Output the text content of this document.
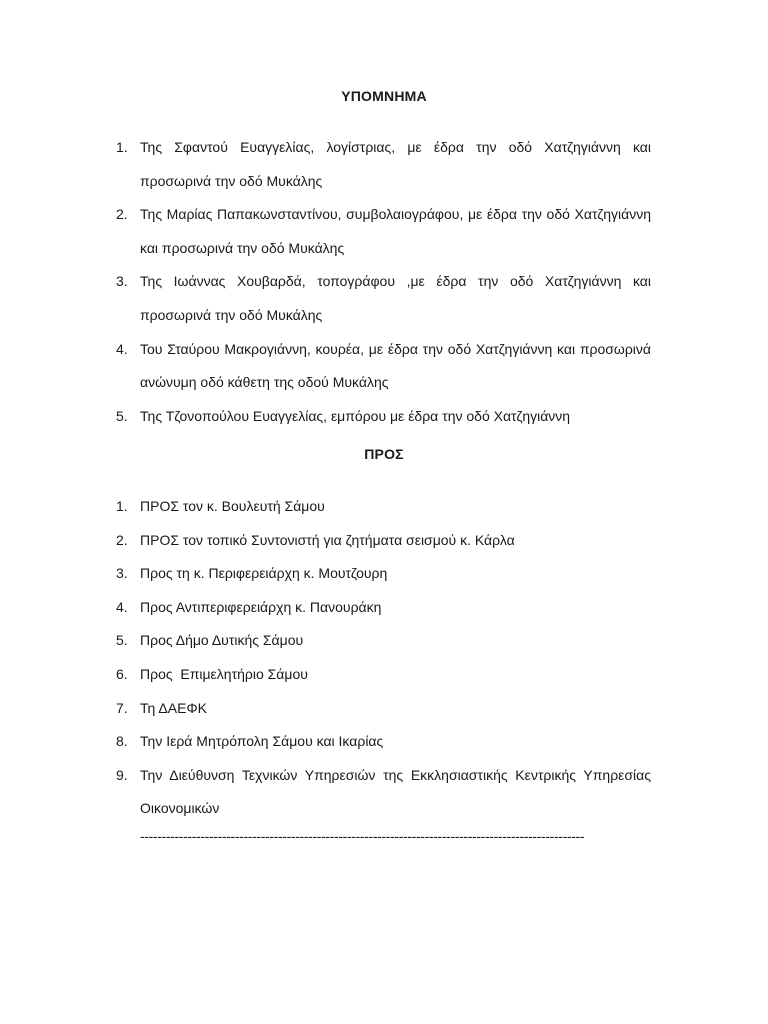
ΥΠΟΜΝΗΜΑ
1. Της Σφαντού Ευαγγελίας, λογίστριας, με έδρα την οδό Χατζηγιάννη και προσωρινά την οδό Μυκάλης
2. Της Μαρίας Παπακωνσταντίνου, συμβολαιογράφου, με έδρα την οδό Χατζηγιάννη και προσωρινά την οδό Μυκάλης
3. Της Ιωάννας Χουβαρδά, τοπογράφου ,με έδρα την οδό Χατζηγιάννη και προσωρινά την οδό Μυκάλης
4. Του Σταύρου Μακρογιάννη, κουρέα, με έδρα την οδό Χατζηγιάννη και προσωρινά ανώνυμη οδό κάθετη της οδού Μυκάλης
5. Της Τζονοπούλου Ευαγγελίας, εμπόρου με έδρα την οδό Χατζηγιάννη
ΠΡΟΣ
1. ΠΡΟΣ τον κ. Βουλευτή Σάμου
2. ΠΡΟΣ τον τοπικό Συντονιστή για ζητήματα σεισμού κ. Κάρλα
3. Προς τη κ. Περιφερειάρχη κ. Μουτζουρη
4. Προς Αντιπεριφερειάρχη κ. Πανουράκη
5. Προς Δήμο Δυτικής Σάμου
6. Προς  Επιμελητήριο Σάμου
7. Τη ΔΑΕΦΚ
8. Την Ιερά Μητρόπολη Σάμου και Ικαρίας
9. Την Διεύθυνση Τεχνικών Υπηρεσιών της Εκκλησιαστικής Κεντρικής Υπηρεσίας Οικονομικών
-------------------------------------------------------------------------------------------------------
